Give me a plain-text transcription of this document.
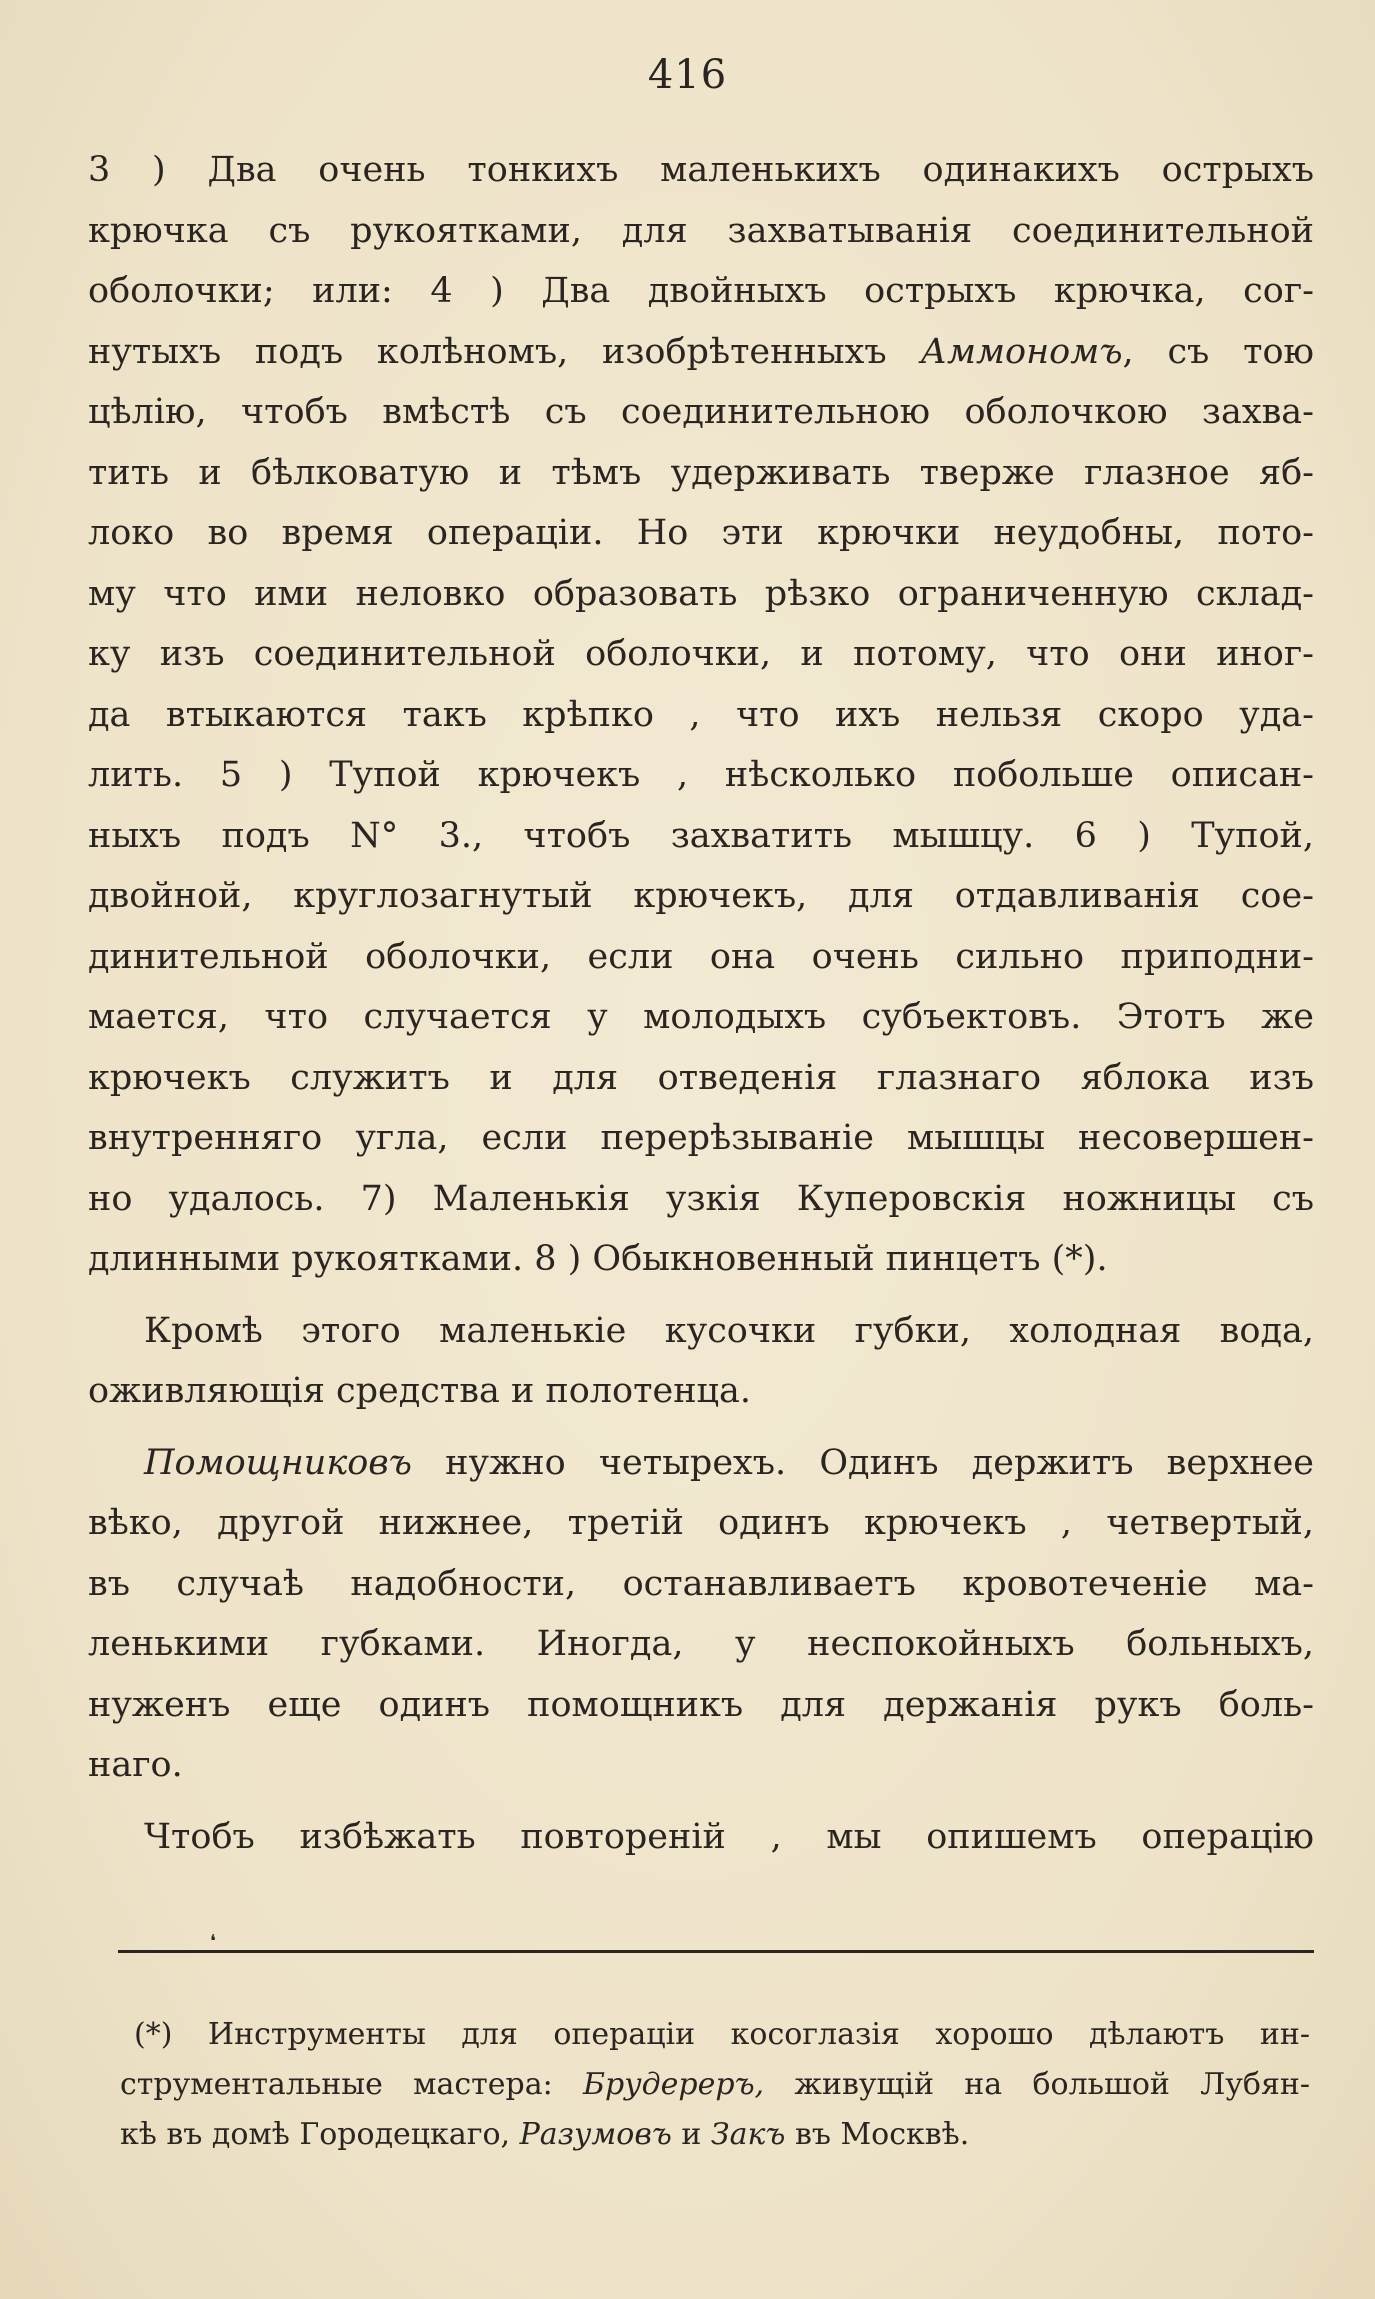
416
3 ) Два очень тонкихъ маленькихъ одинакихъ острыхъ
крючка съ рукоятками, для захватыванія соединительной
оболочки; или: 4 ) Два двойныхъ острыхъ крючка, сог-
нутыхъ подъ колѣномъ, изобрѣтенныхъ Аммономъ, съ тою
цѣлію, чтобъ вмѣстѣ съ соединительною оболочкою захва-
тить и бѣлковатую и тѣмъ удерживать тверже глазное яб-
локо во время операціи. Но эти крючки неудобны, пото-
му что ими неловко образовать рѣзко ограниченную склад-
ку изъ соединительной оболочки, и потому, что они иног-
да втыкаются такъ крѣпко , что ихъ нельзя скоро уда-
лить. 5 ) Тупой крючекъ , нѣсколько побольше описан-
ныхъ подъ N° 3., чтобъ захватить мышцу. 6 ) Тупой,
двойной, круглозагнутый крючекъ, для отдавливанія сое-
динительной оболочки, если она очень сильно приподни-
мается, что случается у молодыхъ субъектовъ. Этотъ же
крючекъ служитъ и для отведенія глазнаго яблока изъ
внутренняго угла, если перерѣзываніе мышцы несовершен-
но удалось. 7) Маленькія узкія Куперовскія ножницы съ
длинными рукоятками. 8 ) Обыкновенный пинцетъ (*).
Кромѣ этого маленькіе кусочки губки, холодная вода,
оживляющія средства и полотенца.
Помощниковъ нужно четырехъ. Одинъ держитъ верхнее
вѣко, другой нижнее, третій одинъ крючекъ , четвертый,
въ случаѣ надобности, останавливаетъ кровотеченіе ма-
ленькими губками. Иногда, у неспокойныхъ больныхъ,
нуженъ еще одинъ помощникъ для держанія рукъ боль-
наго.
Чтобъ избѣжать повтореній , мы опишемъ операцію
❛
(*) Инструменты для операціи косоглазія хорошо дѣлаютъ ин-
струментальные мастера: Брудереръ, живущій на большой Лубян-
кѣ въ домѣ Городецкаго, Разумовъ и Закъ въ Москвѣ.
